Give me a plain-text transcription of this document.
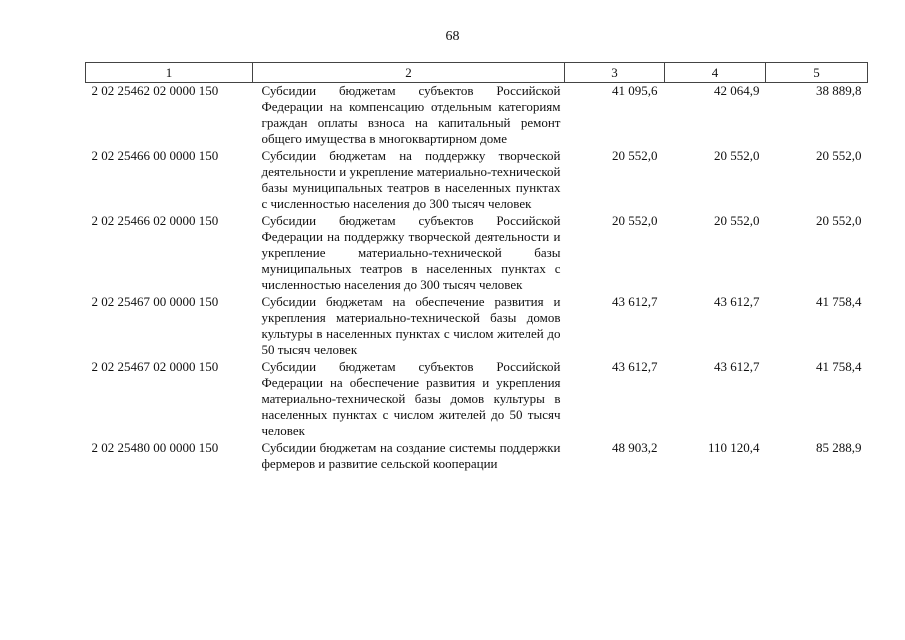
68
1	2	3	4	5
2 02 25462 02 0000 150	Субсидии бюджетам субъектов Российской Федерации на компенсацию отдельным категориям граждан оплаты взноса на капитальный ремонт общего имущества в многоквартирном доме	41 095,6	42 064,9	38 889,8
2 02 25466 00 0000 150	Субсидии бюджетам на поддержку творческой деятельности и укрепление материально-технической базы муниципальных театров в населенных пунктах с численностью населения до 300 тысяч человек	20 552,0	20 552,0	20 552,0
2 02 25466 02 0000 150	Субсидии бюджетам субъектов Российской Федерации на поддержку творческой деятельности и укрепление материально-технической базы муниципальных театров в населенных пунктах с численностью населения до 300 тысяч человек	20 552,0	20 552,0	20 552,0
2 02 25467 00 0000 150	Субсидии бюджетам на обеспечение развития и укрепления материально-технической базы домов культуры в населенных пунктах с числом жителей до 50 тысяч человек	43 612,7	43 612,7	41 758,4
2 02 25467 02 0000 150	Субсидии бюджетам субъектов Российской Федерации на обеспечение развития и укрепления материально-технической базы домов культуры в населенных пунктах с числом жителей до 50 тысяч человек	43 612,7	43 612,7	41 758,4
2 02 25480 00 0000 150	Субсидии бюджетам на создание системы поддержки фермеров и развитие сельской кооперации	48 903,2	110 120,4	85 288,9
